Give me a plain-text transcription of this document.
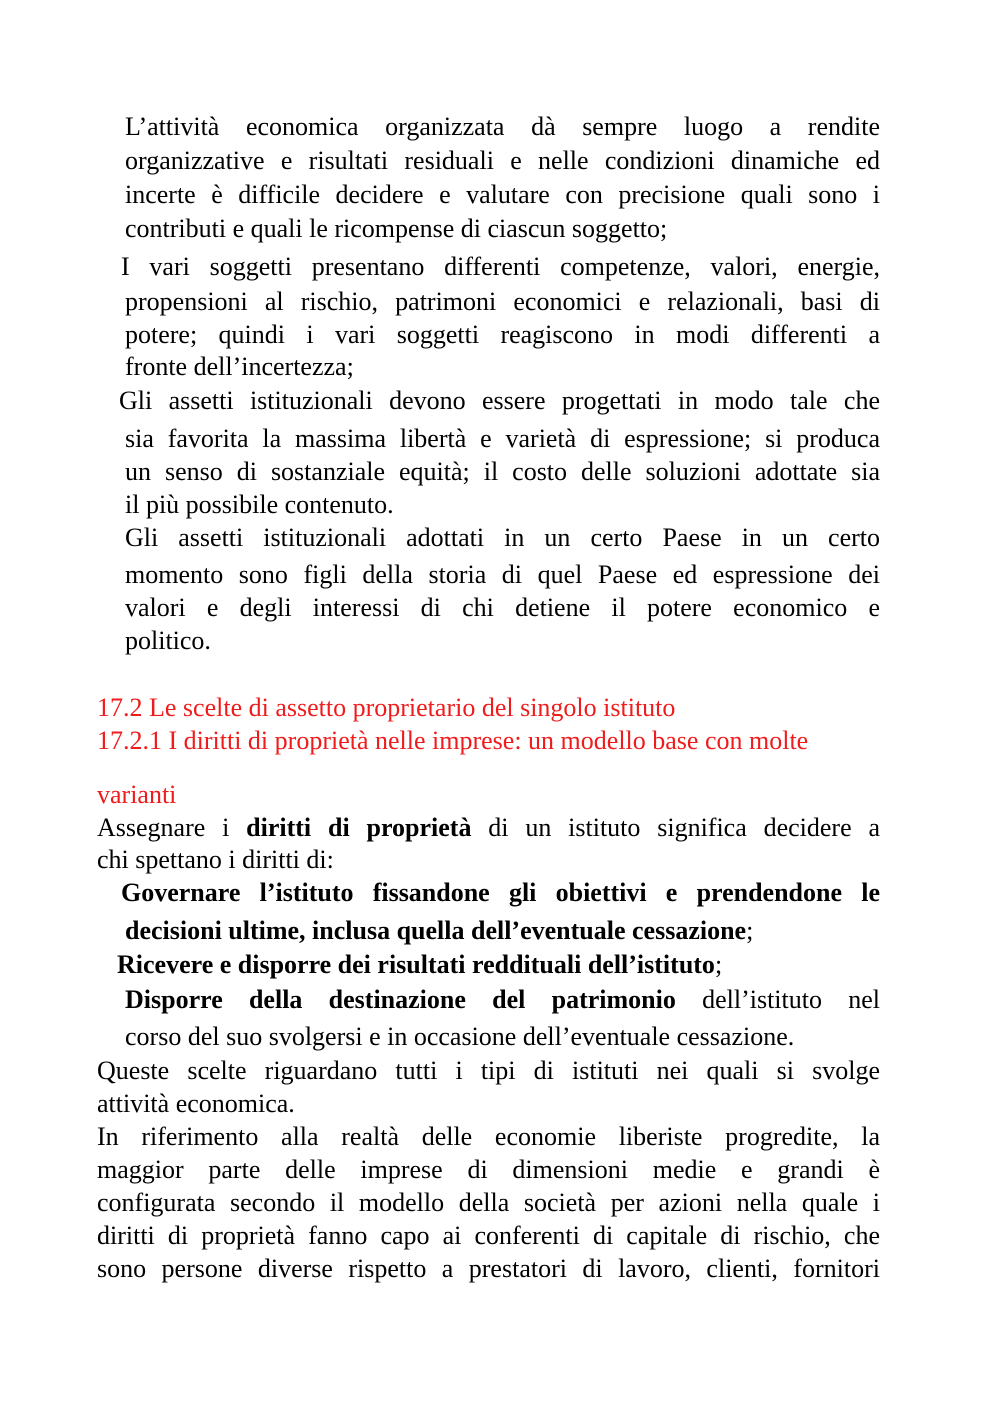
L’attività economica organizzata dà sempre luogo a rendite
organizzative e risultati residuali e nelle condizioni dinamiche ed
incerte è difficile decidere e valutare con precisione quali sono i
contributi e quali le ricompense di ciascun soggetto;
I vari soggetti presentano differenti competenze, valori, energie,
propensioni al rischio, patrimoni economici e relazionali, basi di
potere; quindi i vari soggetti reagiscono in modi differenti a
fronte dell’incertezza;
Gli assetti istituzionali devono essere progettati in modo tale che
sia favorita la massima libertà e varietà di espressione; si produca
un senso di sostanziale equità; il costo delle soluzioni adottate sia
il più possibile contenuto.
Gli assetti istituzionali adottati in un certo Paese in un certo
momento sono figli della storia di quel Paese ed espressione dei
valori e degli interessi di chi detiene il potere economico e
politico.
17.2 Le scelte di assetto proprietario del singolo istituto
17.2.1 I diritti di proprietà nelle imprese: un modello base con molte
varianti
Assegnare i diritti di proprietà di un istituto significa decidere a
chi spettano i diritti di:
Governare l’istituto fissandone gli obiettivi e prendendone le
decisioni ultime, inclusa quella dell’eventuale cessazione;
Ricevere e disporre dei risultati reddituali dell’istituto;
Disporre della destinazione del patrimonio dell’istituto nel
corso del suo svolgersi e in occasione dell’eventuale cessazione.
Queste scelte riguardano tutti i tipi di istituti nei quali si svolge
attività economica.
In riferimento alla realtà delle economie liberiste progredite, la
maggior parte delle imprese di dimensioni medie e grandi è
configurata secondo il modello della società per azioni nella quale i
diritti di proprietà fanno capo ai conferenti di capitale di rischio, che
sono persone diverse rispetto a prestatori di lavoro, clienti, fornitori
